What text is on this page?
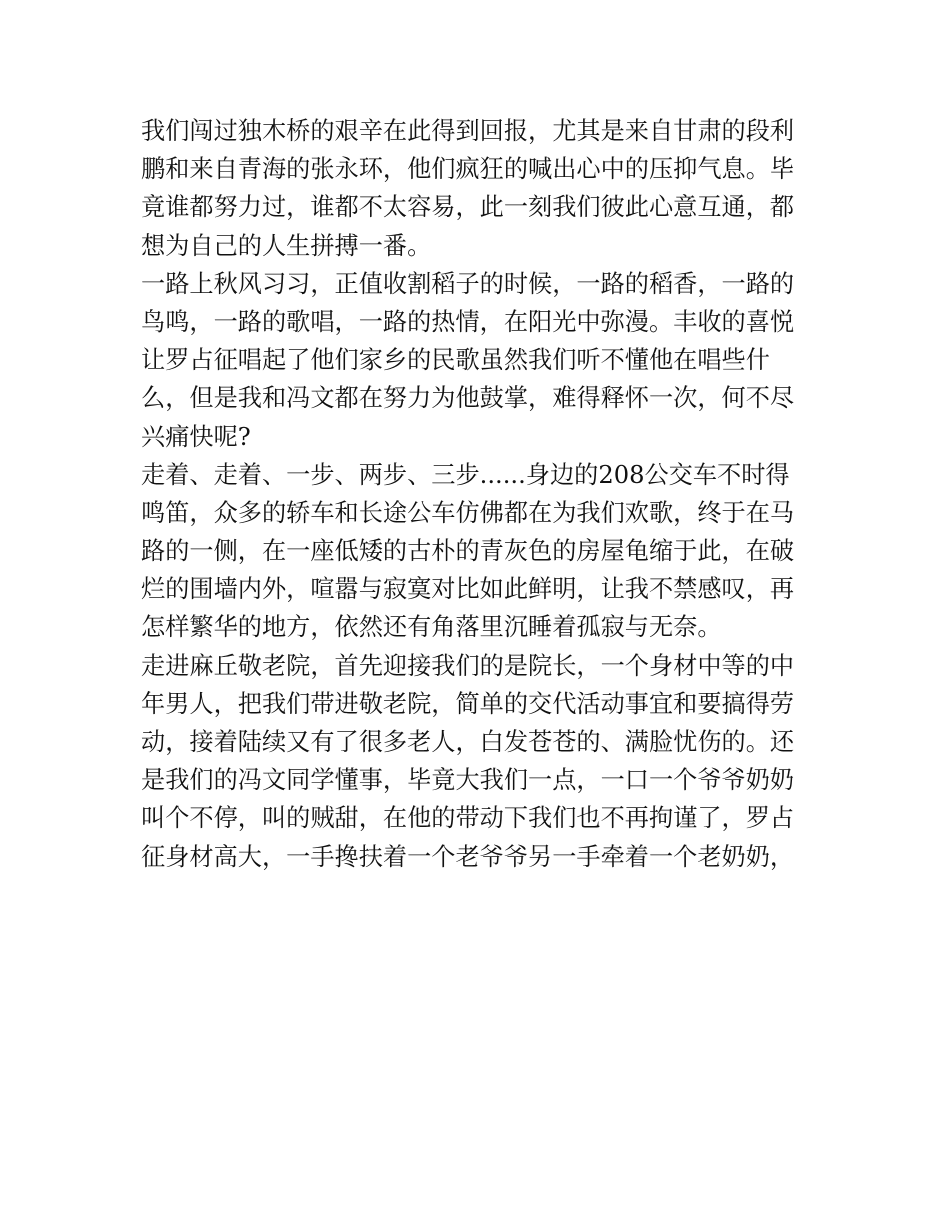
我们闯过独木桥的艰辛在此得到回报，尤其是来自甘肃的段利
鹏和来自青海的张永环，他们疯狂的喊出心中的压抑气息。毕
竟谁都努力过，谁都不太容易，此一刻我们彼此心意互通，都
想为自己的人生拼搏一番。
一路上秋风习习，正值收割稻子的时候，一路的稻香，一路的
鸟鸣，一路的歌唱，一路的热情，在阳光中弥漫。丰收的喜悦
让罗占征唱起了他们家乡的民歌虽然我们听不懂他在唱些什
么，但是我和冯文都在努力为他鼓掌，难得释怀一次，何不尽
兴痛快呢?
走着、走着、一步、两步、三步......身边的208公交车不时得
鸣笛，众多的轿车和长途公车仿佛都在为我们欢歌，终于在马
路的一侧，在一座低矮的古朴的青灰色的房屋龟缩于此，在破
烂的围墙内外，喧嚣与寂寞对比如此鲜明，让我不禁感叹，再
怎样繁华的地方，依然还有角落里沉睡着孤寂与无奈。
走进麻丘敬老院，首先迎接我们的是院长，一个身材中等的中
年男人，把我们带进敬老院，简单的交代活动事宜和要搞得劳
动，接着陆续又有了很多老人，白发苍苍的、满脸忧伤的。还
是我们的冯文同学懂事，毕竟大我们一点，一口一个爷爷奶奶
叫个不停，叫的贼甜，在他的带动下我们也不再拘谨了，罗占
征身材高大，一手搀扶着一个老爷爷另一手牵着一个老奶奶，
